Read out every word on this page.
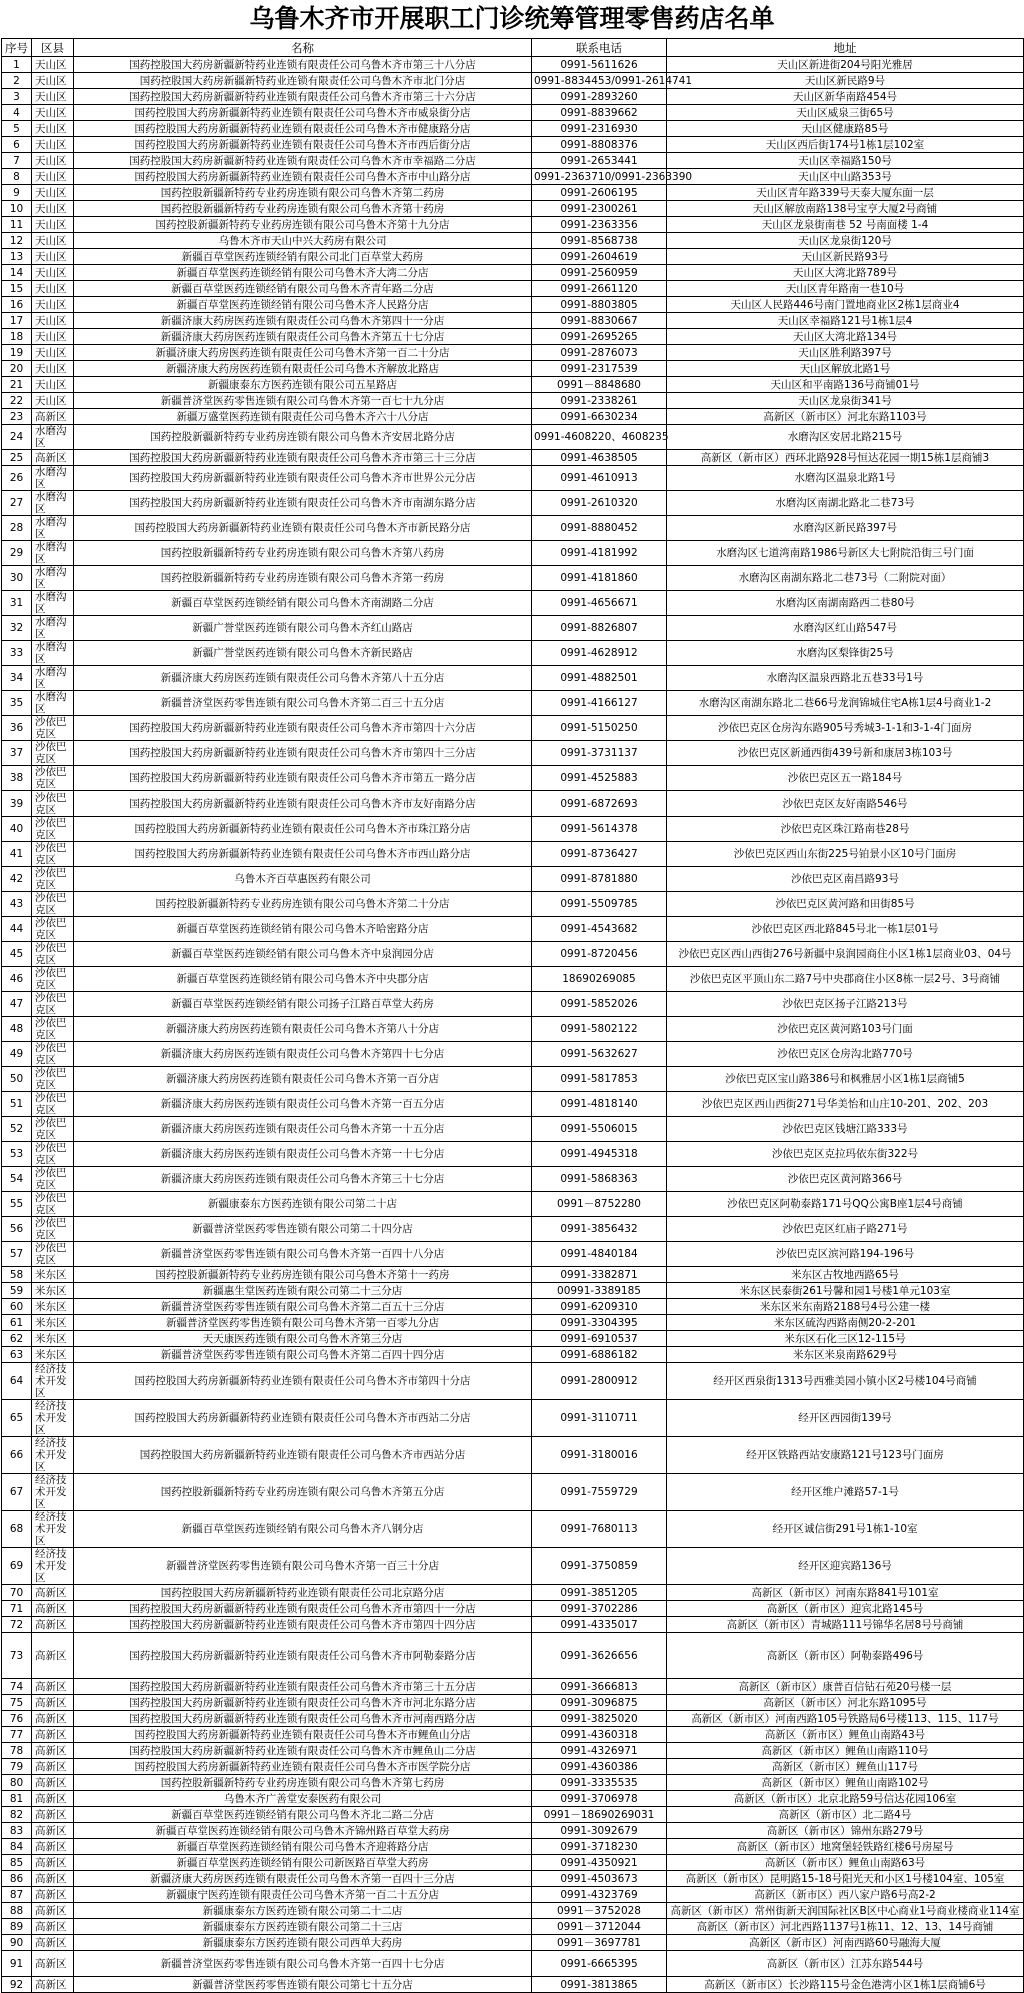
乌鲁木齐市开展职工门诊统筹管理零售药店名单
序号	区县	名称	联系电话	地址
1	天山区	国药控股国大药房新疆新特药业连锁有限责任公司乌鲁木齐市第三十八分店	0991-5611626	天山区新进街204号阳光雅居
2	天山区	国药控股国大药房新疆新特药业连锁有限责任公司乌鲁木齐市北门分店	0991-8834453/0991-2614741	天山区新民路9号
3	天山区	国药控股国大药房新疆新特药业连锁有限责任公司乌鲁木齐市第三十六分店	0991-2893260	天山区新华南路454号
4	天山区	国药控股国大药房新疆新特药业连锁有限责任公司乌鲁木齐市威泉街分店	0991-8839662	天山区威泉三街65号
5	天山区	国药控股国大药房新疆新特药业连锁有限责任公司乌鲁木齐市健康路分店	0991-2316930	天山区健康路85号
6	天山区	国药控股国大药房新疆新特药业连锁有限责任公司乌鲁木齐市西后街分店	0991-8808376	天山区西后街174号1栋1层102室
7	天山区	国药控股国大药房新疆新特药业连锁有限责任公司乌鲁木齐市幸福路二分店	0991-2653441	天山区幸福路150号
8	天山区	国药控股国大药房新疆新特药业连锁有限责任公司乌鲁木齐市中山路分店	0991-2363710/0991-2363390	天山区中山路353号
9	天山区	国药控股新疆新特药专业药房连锁有限公司乌鲁木齐第二药房	0991-2606195	天山区青年路339号天泰大厦东面一层
10	天山区	国药控股新疆新特药专业药房连锁有限公司乌鲁木齐第十药房	0991-2300261	天山区解放南路138号宝亨大厦2号商铺
11	天山区	国药控股新疆新特药专业药房连锁有限公司乌鲁木齐第十九分店	0991-2363356	天山区龙泉街南巷 52 号南面楼 1-4
12	天山区	乌鲁木齐市天山中兴大药房有限公司	0991-8568738	天山区龙泉街120号
13	天山区	新疆百草堂医药连锁经销有限公司北门百草堂大药房	0991-2604619	天山区新民路93号
14	天山区	新疆百草堂医药连锁经销有限公司乌鲁木齐大湾二分店	0991-2560959	天山区大湾北路789号
15	天山区	新疆百草堂医药连锁经销有限公司乌鲁木齐青年路二分店	0991-2661120	天山区青年路南一巷10号
16	天山区	新疆百草堂医药连锁经销有限公司乌鲁木齐人民路分店	0991-8803805	天山区人民路446号南门置地商业区2栋1层商业4
17	天山区	新疆济康大药房医药连锁有限责任公司乌鲁木齐第四十一分店	0991-8830667	天山区幸福路121号1栋1层4
18	天山区	新疆济康大药房医药连锁有限责任公司乌鲁木齐第五十七分店	0991-2695265	天山区大湾北路134号
19	天山区	新疆济康大药房医药连锁有限责任公司乌鲁木齐第一百二十分店	0991-2876073	天山区胜利路397号
20	天山区	新疆济康大药房医药连锁有限责任公司乌鲁木齐解放北路店	0991-2317539	天山区解放北路1号
21	天山区	新疆康泰东方医药连锁有限公司五星路店	0991－8848680	天山区和平南路136号商铺01号
22	天山区	新疆普济堂医药零售连锁有限公司乌鲁木齐第一百七十九分店	0991-2338261	天山区龙泉街341号
23	高新区	新疆万盛堂医药连锁有限责任公司乌鲁木齐六十八分店	0991-6630234	高新区（新市区）河北东路1103号
24	水磨沟区	国药控股新疆新特药专业药房连锁有限公司乌鲁木齐安居北路分店	0991-4608220、4608235	水磨沟区安居北路215号
25	高新区	国药控股国大药房新疆新特药业连锁有限责任公司乌鲁木齐市第三十三分店	0991-4638505	高新区（新市区）西环北路928号恒达花园一期15栋1层商铺3
26	水磨沟区	国药控股国大药房新疆新特药业连锁有限责任公司乌鲁木齐市世界公元分店	0991-4610913	水磨沟区温泉北路1号
27	水磨沟区	国药控股国大药房新疆新特药业连锁有限责任公司乌鲁木齐市南湖东路分店	0991-2610320	水磨沟区南湖北路北二巷73号
28	水磨沟区	国药控股国大药房新疆新特药业连锁有限责任公司乌鲁木齐市新民路分店	0991-8880452	水磨沟区新民路397号
29	水磨沟区	国药控股新疆新特药专业药房连锁有限公司乌鲁木齐第八药房	0991-4181992	水磨沟区七道湾南路1986号新区大七附院沿街三号门面
30	水磨沟区	国药控股新疆新特药专业药房连锁有限公司乌鲁木齐第一药房	0991-4181860	水磨沟区南湖东路北二巷73号（二附院对面）
31	水磨沟区	新疆百草堂医药连锁经销有限公司乌鲁木齐南湖路二分店	0991-4656671	水磨沟区南湖南路西二巷80号
32	水磨沟区	新疆广誉堂医药连锁有限公司乌鲁木齐红山路店	0991-8826807	水磨沟区红山路547号
33	水磨沟区	新疆广誉堂医药连锁有限公司乌鲁木齐新民路店	0991-4628912	水磨沟区梨锋街25号
34	水磨沟区	新疆济康大药房医药连锁有限责任公司乌鲁木齐第八十五分店	0991-4882501	水磨沟区温泉西路北五巷33号1号
35	水磨沟区	新疆普济堂医药零售连锁有限公司乌鲁木齐第二百三十五分店	0991-4166127	水磨沟区南湖东路北二巷66号龙润锦城住宅A栋1层4号商业1-2
36	沙依巴克区	国药控股国大药房新疆新特药业连锁有限责任公司乌鲁木齐市第四十六分店	0991-5150250	沙依巴克区仓房沟东路905号秀城3-1-1和3-1-4门面房
37	沙依巴克区	国药控股国大药房新疆新特药业连锁有限责任公司乌鲁木齐市第四十三分店	0991-3731137	沙依巴克区新通西街439号新和康居3栋103号
38	沙依巴克区	国药控股国大药房新疆新特药业连锁有限责任公司乌鲁木齐市第五一路分店	0991-4525883	沙依巴克区五一路184号
39	沙依巴克区	国药控股国大药房新疆新特药业连锁有限责任公司乌鲁木齐市友好南路分店	0991-6872693	沙依巴克区友好南路546号
40	沙依巴克区	国药控股国大药房新疆新特药业连锁有限责任公司乌鲁木齐市珠江路分店	0991-5614378	沙依巴克区珠江路南巷28号
41	沙依巴克区	国药控股国大药房新疆新特药业连锁有限责任公司乌鲁木齐市西山路分店	0991-8736427	沙依巴克区西山东街225号铂景小区10号门面房
42	沙依巴克区	乌鲁木齐百草惠医药有限公司	0991-8781880	沙依巴克区南昌路93号
43	沙依巴克区	国药控股新疆新特药专业药房连锁有限公司乌鲁木齐第二十分店	0991-5509785	沙依巴克区黄河路和田街85号
44	沙依巴克区	新疆百草堂医药连锁经销有限公司乌鲁木齐哈密路分店	0991-4543682	沙依巴克区西北路845号北一栋1层01号
45	沙依巴克区	新疆百草堂医药连锁经销有限公司乌鲁木齐中泉润园分店	0991-8720456	沙依巴克区西山西街276号新疆中泉润园商住小区1栋1层商业03、04号
46	沙依巴克区	新疆百草堂医药连锁经销有限公司乌鲁木齐中央郡分店	18690269085	沙依巴克区平顶山东二路7号中央郡商住小区8栋一层2号、3号商铺
47	沙依巴克区	新疆百草堂医药连锁经销有限公司扬子江路百草堂大药房	0991-5852026	沙依巴克区扬子江路213号
48	沙依巴克区	新疆济康大药房医药连锁有限责任公司乌鲁木齐第八十分店	0991-5802122	沙依巴克区黄河路103号门面
49	沙依巴克区	新疆济康大药房医药连锁有限责任公司乌鲁木齐第四十七分店	0991-5632627	沙依巴克区仓房沟北路770号
50	沙依巴克区	新疆济康大药房医药连锁有限责任公司乌鲁木齐第一百分店	0991-5817853	沙依巴克区宝山路386号和枫雅居小区1栋1层商铺5
51	沙依巴克区	新疆济康大药房医药连锁有限责任公司乌鲁木齐第一百五分店	0991-4818140	沙依巴克区西山西街271号华美怡和山庄10-201、202、203
52	沙依巴克区	新疆济康大药房医药连锁有限责任公司乌鲁木齐第一十五分店	0991-5506015	沙依巴克区钱塘江路333号
53	沙依巴克区	新疆济康大药房医药连锁有限责任公司乌鲁木齐第一十七分店	0991-4945318	沙依巴克区克拉玛依东街322号
54	沙依巴克区	新疆济康大药房医药连锁有限责任公司乌鲁木齐第三十七分店	0991-5868363	沙依巴克区黄河路366号
55	沙依巴克区	新疆康泰东方医药连锁有限公司第二十店	0991－8752280	沙依巴克区阿勒泰路171号QQ公寓B座1层4号商铺
56	沙依巴克区	新疆普济堂医药零售连锁有限公司第二十四分店	0991-3856432	沙依巴克区红庙子路271号
57	沙依巴克区	新疆普济堂医药零售连锁有限公司乌鲁木齐第一百四十八分店	0991-4840184	沙依巴克区滨河路194-196号
58	米东区	国药控股新疆新特药专业药房连锁有限公司乌鲁木齐第十一药房	0991-3382871	米东区古牧地西路65号
59	米东区	新疆惠生堂医药连锁有限公司第二十三分店	00991-3389185	米东区民泰街261号馨和园1号楼1单元103室
60	米东区	新疆普济堂医药零售连锁有限公司乌鲁木齐第二百五十三分店	0991-6209310	米东区米东南路2188号4号公建一楼
61	米东区	新疆普济堂医药零售连锁有限公司乌鲁木齐第一百零九分店	0991-3304395	米东区硫沟西路南侧20-2-201
62	米东区	天天康医药连锁有限公司乌鲁木齐第三分店	0991-6910537	米东区石化三区12-115号
63	米东区	新疆普济堂医药零售连锁有限公司乌鲁木齐第二百四十四分店	0991-6886182	米东区米泉南路629号
64	经济技术开发区	国药控股国大药房新疆新特药业连锁有限责任公司乌鲁木齐市第四十分店	0991-2800912	经开区西泉街1313号西雅美园小镇小区2号楼104号商铺
65	经济技术开发区	国药控股国大药房新疆新特药业连锁有限责任公司乌鲁木齐市西站二分店	0991-3110711	经开区西园街139号
66	经济技术开发区	国药控股国大药房新疆新特药业连锁有限责任公司乌鲁木齐市西站分店	0991-3180016	经开区铁路西站安康路121号123号门面房
67	经济技术开发区	国药控股新疆新特药专业药房连锁有限公司乌鲁木齐第五分店	0991-7559729	经开区维户滩路57-1号
68	经济技术开发区	新疆百草堂医药连锁经销有限公司乌鲁木齐八钢分店	0991-7680113	经开区诚信街291号1栋1-10室
69	经济技术开发区	新疆普济堂医药零售连锁有限公司乌鲁木齐第一百三十分店	0991-3750859	经开区迎宾路136号
70	高新区	国药控股国大药房新疆新特药业连锁有限责任公司北京路分店	0991-3851205	高新区（新市区）河南东路841号101室
71	高新区	国药控股国大药房新疆新特药业连锁有限责任公司乌鲁木齐市第四十一分店	0991-3702286	高新区（新市区）迎宾北路145号
72	高新区	国药控股国大药房新疆新特药业连锁有限责任公司乌鲁木齐市第四十四分店	0991-4335017	高新区（新市区）青城路111号锦华名居8号号商铺
73	高新区	国药控股国大药房新疆新特药业连锁有限责任公司乌鲁木齐市阿勒泰路分店	0991-3626656	高新区（新市区）阿勒泰路496号
74	高新区	国药控股国大药房新疆新特药业连锁有限责任公司乌鲁木齐市第三十五分店	0991-3666813	高新区（新市区）康普百信钻石苑20号楼一层
75	高新区	国药控股国大药房新疆新特药业连锁有限责任公司乌鲁木齐市河北东路分店	0991-3096875	高新区（新市区）河北东路1095号
76	高新区	国药控股国大药房新疆新特药业连锁有限责任公司乌鲁木齐市河南西路分店	0991-3825020	高新区（新市区）河南西路105号铁路局6号楼113、115、117号
77	高新区	国药控股国大药房新疆新特药业连锁有限责任公司乌鲁木齐市鲤鱼山分店	0991-4360318	高新区（新市区）鲤鱼山南路43号
78	高新区	国药控股国大药房新疆新特药业连锁有限责任公司乌鲁木齐市鲤鱼山二分店	0991-4326971	高新区（新市区）鲤鱼山南路110号
79	高新区	国药控股国大药房新疆新特药业连锁有限责任公司乌鲁木齐市医学院分店	0991-4360386	高新区（新市区）鲤鱼山117号
80	高新区	国药控股新疆新特药专业药房连锁有限公司乌鲁木齐第七药房	0991-3335535	高新区（新市区）鲤鱼山南路102号
81	高新区	乌鲁木齐广善堂安泰医药有限公司	0991-3706978	高新区（新市区）北京北路59号信达花园106室
82	高新区	新疆百草堂医药连锁经销有限公司乌鲁木齐北二路二分店	0991－18690269031	高新区（新市区）北二路4号
83	高新区	新疆百草堂医药连锁经销有限公司乌鲁木齐锦州路百草堂大药房	0991-3092679	高新区（新市区）锦州东路279号
84	高新区	新疆百草堂医药连锁经销有限公司乌鲁木齐迎蒋路分店	0991-3718230	高新区（新市区）地窝堡轻铁路红楼6号房屋号
85	高新区	新疆百草堂医药连锁经销有限公司新医路百草堂大药房	0991-4350921	高新区（新市区）鲤鱼山南路63号
86	高新区	新疆济康大药房医药连锁有限责任公司乌鲁木齐第一百四十三分店	0991-4503673	高新区（新市区）昆明路15-18号阳光天和小区1号楼104室、105室
87	高新区	新疆康宁医药连锁有限责任公司乌鲁木齐第一百二十五分店	0991-4323769	高新区（新市区）西八家户路6号高2-2
88	高新区	新疆康泰东方医药连锁有限公司第二十二店	0991－3752028	高新区（新市区）常州街新天润国际社区B区中心商业1号商业楼商业114室
89	高新区	新疆康泰东方医药连锁有限公司第二十三店	0991－3712044	高新区（新市区）河北西路1137号1栋11、12、13、14号商铺
90	高新区	新疆康泰东方医药连锁有限公司西单大药房	0991－3697781	高新区（新市区）河南西路60号融海大厦
91	高新区	新疆普济堂医药零售连锁有限公司乌鲁木齐第一百四十七分店	0991-6665395	高新区（新市区）江苏东路544号
92	高新区	新疆普济堂医药零售连锁有限公司第七十五分店	0991-3813865	高新区（新市区）长沙路115号金色港湾小区1栋1层商铺6号
